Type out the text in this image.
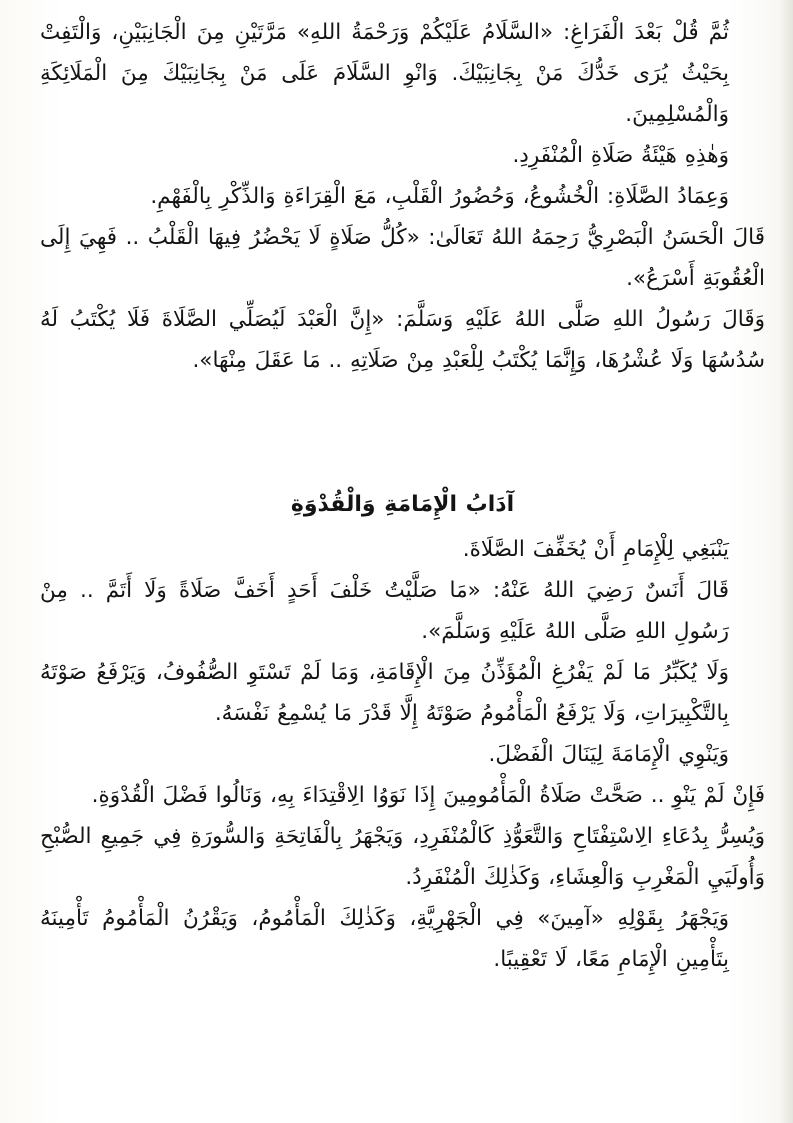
ثُمَّ قُلْ بَعْدَ الْفَرَاغِ: «السَّلَامُ عَلَيْكُمْ وَرَحْمَةُ اللهِ» مَرَّتَيْنِ مِنَ الْجَانِبَيْنِ، وَالْتَفِتْ بِحَيْثُ يُرَى خَدُّكَ مَنْ بِجَانِبَيْكَ. وَانْوِ السَّلَامَ عَلَى مَنْ بِجَانِبَيْكَ مِنَ الْمَلَائِكَةِ وَالْمُسْلِمِينَ.

وَهٰذِهِ هَيْئَةُ صَلَاةِ الْمُنْفَرِدِ.

وَعِمَادُ الصَّلَاةِ: الْخُشُوعُ، وَحُضُورُ الْقَلْبِ، مَعَ الْقِرَاءَةِ وَالذِّكْرِ بِالْفَهْمِ.

قَالَ الْحَسَنُ الْبَصْرِيُّ رَحِمَهُ اللهُ تَعَالَىٰ: «كُلُّ صَلَاةٍ لَا يَحْضُرُ فِيهَا الْقَلْبُ .. فَهِيَ إِلَى الْعُقُوبَةِ أَسْرَعُ».

وَقَالَ رَسُولُ اللهِ صَلَّى اللهُ عَلَيْهِ وَسَلَّمَ: «إِنَّ الْعَبْدَ لَيُصَلِّي الصَّلَاةَ فَلَا يُكْتَبُ لَهُ سُدُسُهَا وَلَا عُشْرُهَا، وَإِنَّمَا يُكْتَبُ لِلْعَبْدِ مِنْ صَلَاتِهِ .. مَا عَقَلَ مِنْهَا».

آدَابُ الْإِمَامَةِ وَالْقُدْوَةِ

يَنْبَغِي لِلْإِمَامِ أَنْ يُخَفِّفَ الصَّلَاةَ.

قَالَ أَنَسٌ رَضِيَ اللهُ عَنْهُ: «مَا صَلَّيْتُ خَلْفَ أَحَدٍ أَخَفَّ صَلَاةً وَلَا أَتَمَّ .. مِنْ رَسُولِ اللهِ صَلَّى اللهُ عَلَيْهِ وَسَلَّمَ».

وَلَا يُكَبِّرُ مَا لَمْ يَفْرُغِ الْمُؤَذِّنُ مِنَ الْإِقَامَةِ، وَمَا لَمْ تَسْتَوِ الصُّفُوفُ، وَيَرْفَعُ صَوْتَهُ بِالتَّكْبِيرَاتِ، وَلَا يَرْفَعُ الْمَأْمُومُ صَوْتَهُ إِلَّا قَدْرَ مَا يُسْمِعُ نَفْسَهُ.

وَيَنْوِي الْإِمَامَةَ لِيَنَالَ الْفَضْلَ.

فَإِنْ لَمْ يَنْوِ .. صَحَّتْ صَلَاةُ الْمَأْمُومِينَ إِذَا نَوَوُا الِاقْتِدَاءَ بِهِ، وَنَالُوا فَضْلَ الْقُدْوَةِ.

وَيُسِرُّ بِدُعَاءِ الِاسْتِفْتَاحِ وَالتَّعَوُّذِ كَالْمُنْفَرِدِ، وَيَجْهَرُ بِالْفَاتِحَةِ وَالسُّورَةِ فِي جَمِيعِ الصُّبْحِ وَأُولَيَيِ الْمَغْرِبِ وَالْعِشَاءِ، وَكَذٰلِكَ الْمُنْفَرِدُ.

وَيَجْهَرُ بِقَوْلِهِ «آمِينَ» فِي الْجَهْرِيَّةِ، وَكَذٰلِكَ الْمَأْمُومُ، وَيَقْرُنُ الْمَأْمُومُ تَأْمِينَهُ بِتَأْمِينِ الْإِمَامِ مَعًا، لَا تَعْقِيبًا.
